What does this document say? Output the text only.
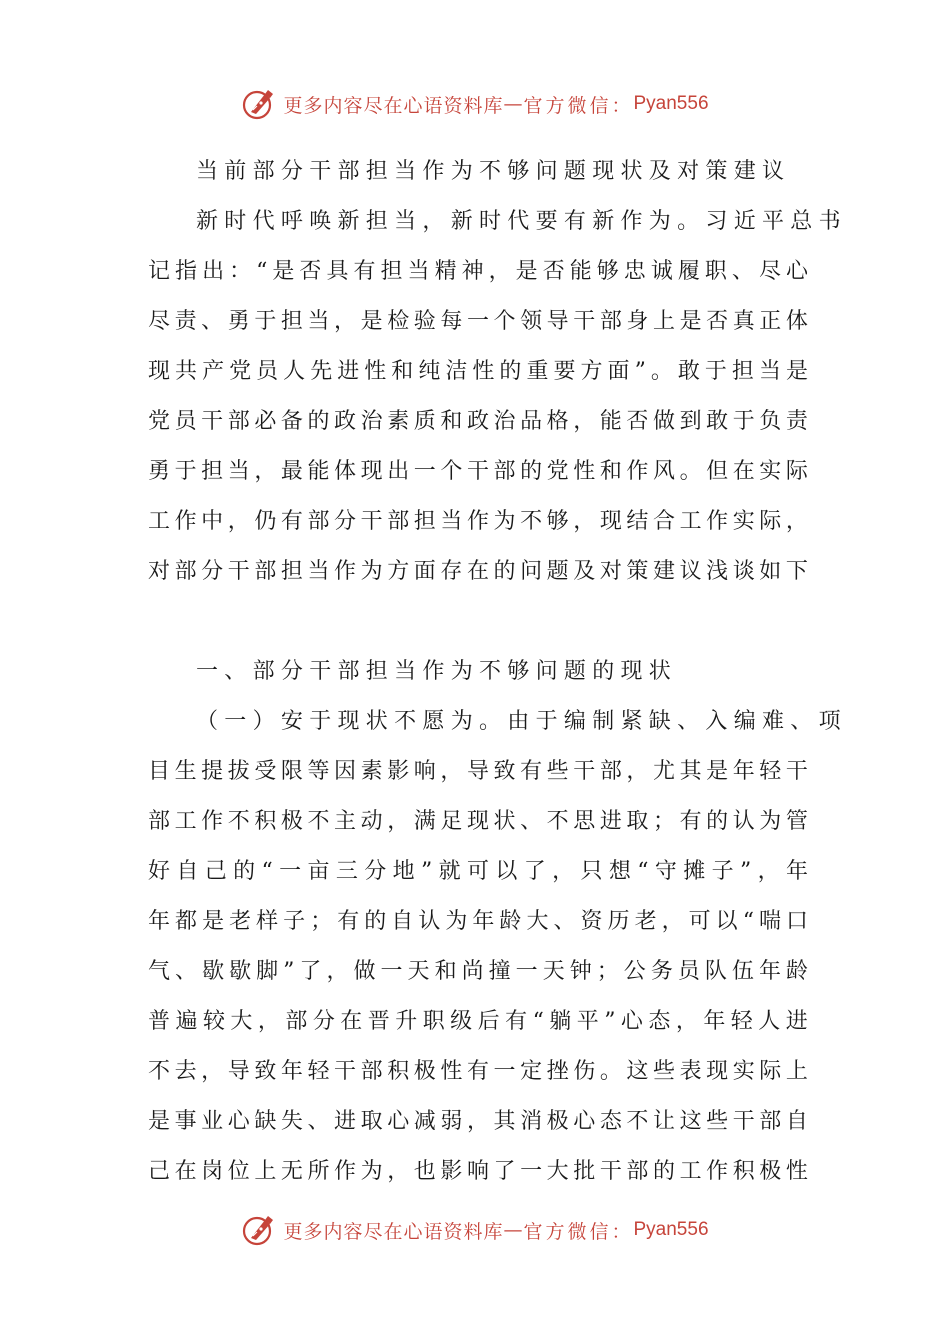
更多内容尽在心语资料库 — 官方微信： Pyan556
当前部分干部担当作为不够问题现状及对策建议
新时代呼唤新担当，新时代要有新作为。习近平总书
记 指 出 ： “ 是 否 具 有 担 当 精 神 ， 是 否 能 够 忠 诚 履 职 、 尽 心
尽 责 、 勇 于 担 当 ， 是 检 验 每 一 个 领 导 干 部 身 上 是 否 真 正 体
现 共 产 党 员 人 先 进 性 和 纯 洁 性 的 重 要 方 面 ” 。 敢 于 担 当 是
党 员 干 部 必 备 的 政 治 素 质 和 政 治 品 格 ， 能 否 做 到 敢 于 负 责
勇 于 担 当 ， 最 能 体 现 出 一 个 干 部 的 党 性 和 作 风 。 但 在 实 际
工 作 中 ， 仍 有 部 分 干 部 担 当 作 为 不 够 ， 现 结 合 工 作 实 际 ，
对 部 分 干 部 担 当 作 为 方 面 存 在 的 问 题 及 对 策 建 议 浅 谈 如 下
一、部分干部担当作为不够问题的现状
（一）安于现状不愿为。由于编制紧缺、入编难、项
目 生 提 拔 受 限 等 因 素 影 响 ， 导 致 有 些 干 部 ， 尤 其 是 年 轻 干
部 工 作 不 积 极 不 主 动 ， 满 足 现 状 、 不 思 进 取 ； 有 的 认 为 管
好 自 己 的 “ 一 亩 三 分 地 ” 就 可 以 了 ， 只 想 “ 守 摊 子 ” ， 年
年 都 是 老 样 子 ； 有 的 自 认 为 年 龄 大 、 资 历 老 ， 可 以 “ 喘 口
气 、 歇 歇 脚 ” 了 ， 做 一 天 和 尚 撞 一 天 钟 ； 公 务 员 队 伍 年 龄
普 遍 较 大 ， 部 分 在 晋 升 职 级 后 有 “ 躺 平 ” 心 态 ， 年 轻 人 进
不 去 ， 导 致 年 轻 干 部 积 极 性 有 一 定 挫 伤 。 这 些 表 现 实 际 上
是 事 业 心 缺 失 、 进 取 心 减 弱 ， 其 消 极 心 态 不 让 这 些 干 部 自
己 在 岗 位 上 无 所 作 为 ， 也 影 响 了 一 大 批 干 部 的 工 作 积 极 性
更多内容尽在心语资料库 — 官方微信： Pyan556
